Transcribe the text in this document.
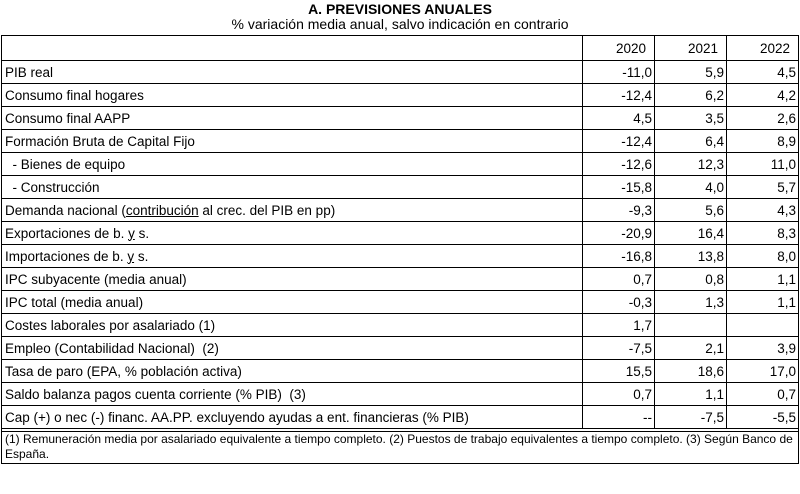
A. PREVISIONES ANUALES
% variación media anual, salvo indicación en contrario
	2020	2021	2022
PIB real	-11,0	5,9	4,5
Consumo final hogares	-12,4	6,2	4,2
Consumo final AAPP	4,5	3,5	2,6
Formación Bruta de Capital Fijo	-12,4	6,4	8,9
- Bienes de equipo	-12,6	12,3	11,0
- Construcción	-15,8	4,0	5,7
Demanda nacional (contribución al crec. del PIB en pp)	-9,3	5,6	4,3
Exportaciones de b. y s.	-20,9	16,4	8,3
Importaciones de b. y s.	-16,8	13,8	8,0
IPC subyacente (media anual)	0,7	0,8	1,1
IPC total (media anual)	-0,3	1,3	1,1
Costes laborales por asalariado (1)	1,7		
Empleo (Contabilidad Nacional)  (2)	-7,5	2,1	3,9
Tasa de paro (EPA, % población activa)	15,5	18,6	17,0
Saldo balanza pagos cuenta corriente (% PIB)  (3)	0,7	1,1	0,7
Cap (+) o nec (-) financ. AA.PP. excluyendo ayudas a ent. financieras (% PIB)	--	-7,5	-5,5

(1) Remuneración media por asalariado equivalente a tiempo completo. (2) Puestos de trabajo equivalentes a tiempo completo. (3) Según Banco de España.			
